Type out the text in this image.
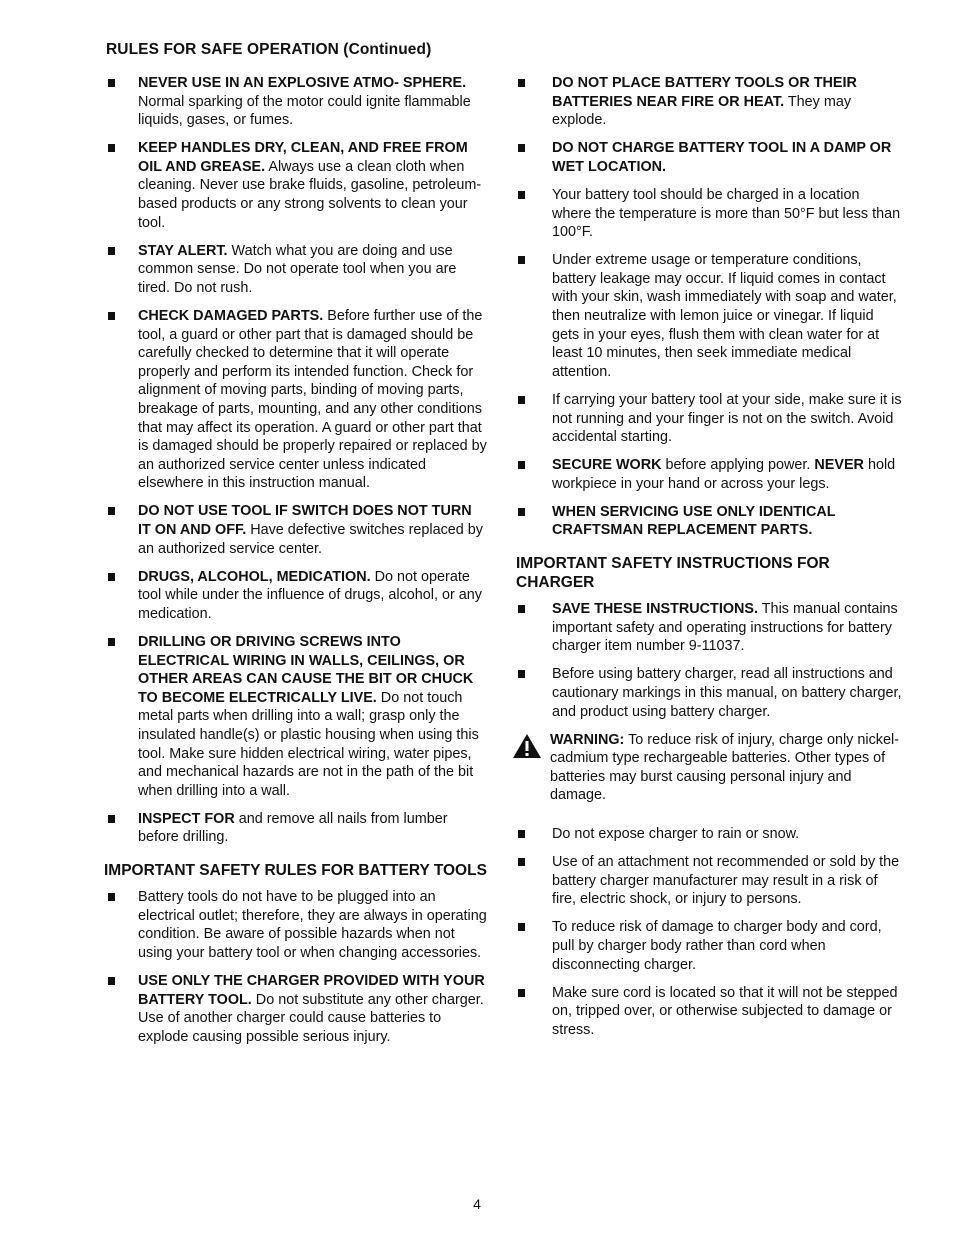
RULES FOR SAFE OPERATION (Continued)
NEVER USE IN AN EXPLOSIVE ATMO- SPHERE. Normal sparking of the motor could ignite flammable liquids, gases, or fumes.
KEEP HANDLES DRY, CLEAN, AND FREE FROM OIL AND GREASE. Always use a clean cloth when cleaning. Never use brake fluids, gasoline, petroleum-based products or any strong solvents to clean your tool.
STAY ALERT. Watch what you are doing and use common sense. Do not operate tool when you are tired. Do not rush.
CHECK DAMAGED PARTS. Before further use of the tool, a guard or other part that is damaged should be carefully checked to determine that it will operate properly and perform its intended function. Check for alignment of moving parts, binding of moving parts, breakage of parts, mounting, and any other conditions that may affect its operation. A guard or other part that is damaged should be properly repaired or replaced by an authorized service center unless indicated elsewhere in this instruction manual.
DO NOT USE TOOL IF SWITCH DOES NOT TURN IT ON AND OFF. Have defective switches replaced by an authorized service center.
DRUGS, ALCOHOL, MEDICATION. Do not operate tool while under the influence of drugs, alcohol, or any medication.
DRILLING OR DRIVING SCREWS INTO ELECTRICAL WIRING IN WALLS, CEILINGS, OR OTHER AREAS CAN CAUSE THE BIT OR CHUCK TO BECOME ELECTRICALLY LIVE. Do not touch metal parts when drilling into a wall; grasp only the insulated handle(s) or plastic housing when using this tool. Make sure hidden electrical wiring, water pipes, and mechanical hazards are not in the path of the bit when drilling into a wall.
INSPECT FOR and remove all nails from lumber before drilling.
IMPORTANT SAFETY RULES FOR BATTERY TOOLS
Battery tools do not have to be plugged into an electrical outlet; therefore, they are always in operating condition. Be aware of possible hazards when not using your battery tool or when changing accessories.
USE ONLY THE CHARGER PROVIDED WITH YOUR BATTERY TOOL. Do not substitute any other charger. Use of another charger could cause batteries to explode causing possible serious injury.
DO NOT PLACE BATTERY TOOLS OR THEIR BATTERIES NEAR FIRE OR HEAT. They may explode.
DO NOT CHARGE BATTERY TOOL IN A DAMP OR WET LOCATION.
Your battery tool should be charged in a location where the temperature is more than 50°F but less than 100°F.
Under extreme usage or temperature conditions, battery leakage may occur. If liquid comes in contact with your skin, wash immediately with soap and water, then neutralize with lemon juice or vinegar. If liquid gets in your eyes, flush them with clean water for at least 10 minutes, then seek immediate medical attention.
If carrying your battery tool at your side, make sure it is not running and your finger is not on the switch. Avoid accidental starting.
SECURE WORK before applying power. NEVER hold workpiece in your hand or across your legs.
WHEN SERVICING USE ONLY IDENTICAL CRAFTSMAN REPLACEMENT PARTS.
IMPORTANT SAFETY INSTRUCTIONS FOR CHARGER
SAVE THESE INSTRUCTIONS. This manual contains important safety and operating instructions for battery charger item number 9-11037.
Before using battery charger, read all instructions and cautionary markings in this manual, on battery charger, and product using battery charger.
WARNING: To reduce risk of injury, charge only nickel-cadmium type rechargeable batteries. Other types of batteries may burst causing personal injury and damage.
Do not expose charger to rain or snow.
Use of an attachment not recommended or sold by the battery charger manufacturer may result in a risk of fire, electric shock, or injury to persons.
To reduce risk of damage to charger body and cord, pull by charger body rather than cord when disconnecting charger.
Make sure cord is located so that it will not be stepped on, tripped over, or otherwise subjected to damage or stress.
4
